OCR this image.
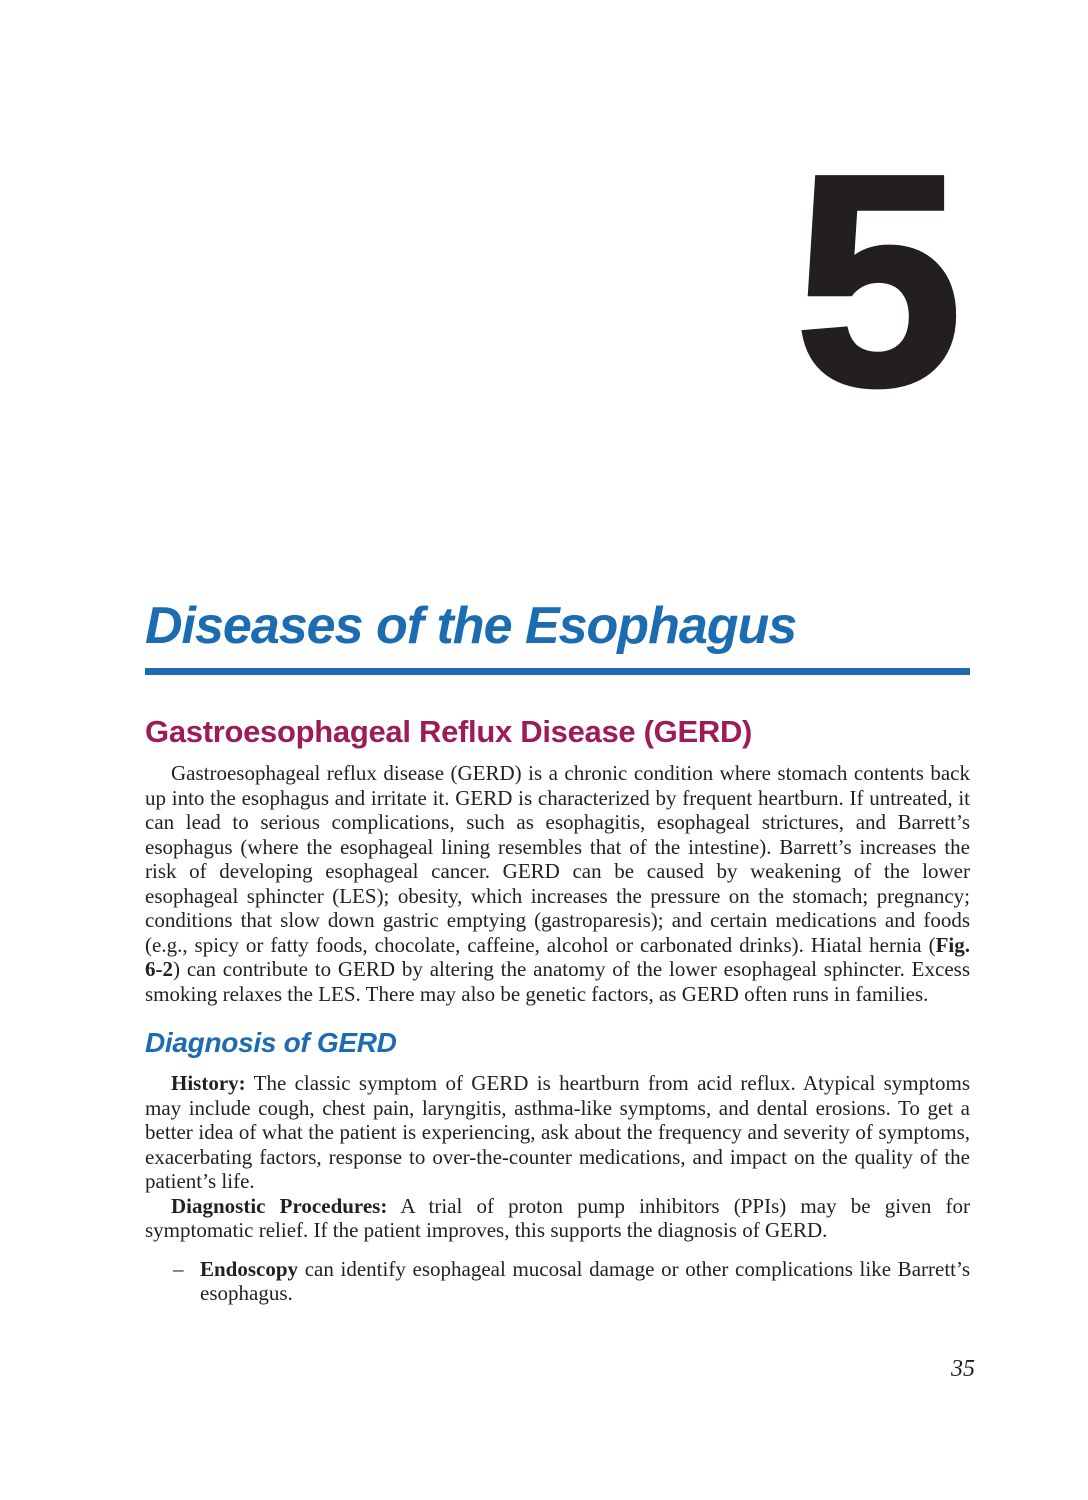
5
Diseases of the Esophagus
Gastroesophageal Reflux Disease (GERD)

Gastroesophageal reflux disease (GERD) is a chronic condition where stomach contents back up into the esophagus and irritate it. GERD is characterized by frequent heartburn. If untreated, it can lead to serious complications, such as esophagitis, esophageal strictures, and Barrett’s esophagus (where the esophageal lining resembles that of the intestine). Barrett’s increases the risk of developing esophageal cancer. GERD can be caused by weakening of the lower esophageal sphincter (LES); obesity, which increases the pressure on the stomach; pregnancy; conditions that slow down gastric emptying (gastroparesis); and certain medications and foods (e.g., spicy or fatty foods, chocolate, caffeine, alcohol or carbonated drinks). Hiatal hernia (Fig. 6-2) can contribute to GERD by altering the anatomy of the lower esophageal sphincter. Excess smoking relaxes the LES. There may also be genetic factors, as GERD often runs in families.

Diagnosis of GERD

History: The classic symptom of GERD is heartburn from acid reflux. Atypical symptoms may include cough, chest pain, laryngitis, asthma-like symptoms, and dental erosions. To get a better idea of what the patient is experiencing, ask about the frequency and severity of symptoms, exacerbating factors, response to over-the-counter medications, and impact on the quality of the patient’s life.

Diagnostic Procedures: A trial of proton pump inhibitors (PPIs) may be given for symptomatic relief. If the patient improves, this supports the diagnosis of GERD.

– Endoscopy can identify esophageal mucosal damage or other complications like Barrett’s esophagus.
35
